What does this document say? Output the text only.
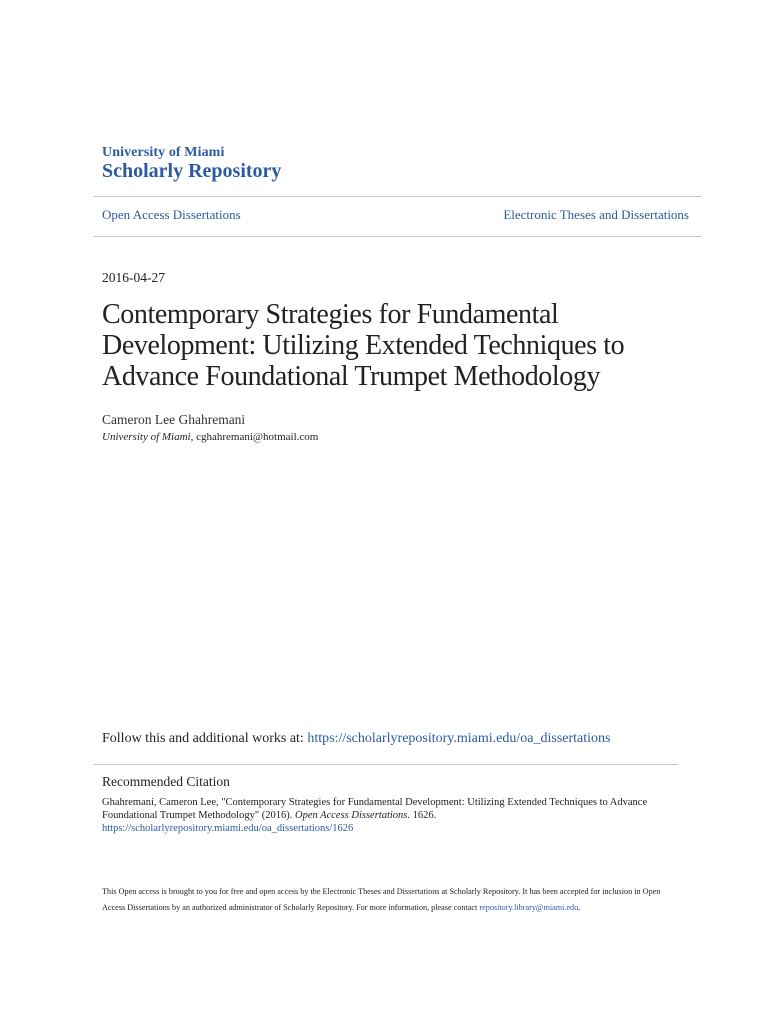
University of Miami
Scholarly Repository
Open Access Dissertations	Electronic Theses and Dissertations
2016-04-27
Contemporary Strategies for Fundamental Development: Utilizing Extended Techniques to Advance Foundational Trumpet Methodology
Cameron Lee Ghahremani
University of Miami, cghahremani@hotmail.com
Follow this and additional works at: https://scholarlyrepository.miami.edu/oa_dissertations
Recommended Citation
Ghahremani, Cameron Lee, "Contemporary Strategies for Fundamental Development: Utilizing Extended Techniques to Advance Foundational Trumpet Methodology" (2016). Open Access Dissertations. 1626.
https://scholarlyrepository.miami.edu/oa_dissertations/1626
This Open access is brought to you for free and open access by the Electronic Theses and Dissertations at Scholarly Repository. It has been accepted for inclusion in Open Access Dissertations by an authorized administrator of Scholarly Repository. For more information, please contact repository.library@miami.edu.
